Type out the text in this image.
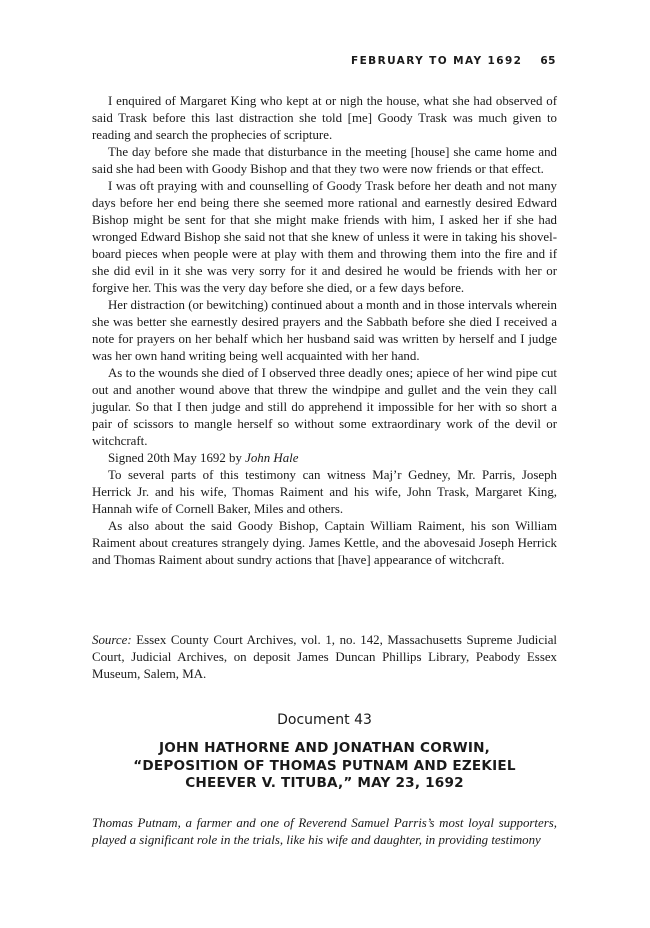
FEBRUARY TO MAY 1692 65

I enquired of Margaret King who kept at or nigh the house, what she had observed of said Trask before this last distraction she told [me] Goody Trask was much given to reading and search the prophecies of scripture.

The day before she made that disturbance in the meeting [house] she came home and said she had been with Goody Bishop and that they two were now friends or that effect.

I was oft praying with and counselling of Goody Trask before her death and not many days before her end being there she seemed more rational and earnestly desired Edward Bishop might be sent for that she might make friends with him, I asked her if she had wronged Edward Bishop she said not that she knew of unless it were in taking his shovel-board pieces when people were at play with them and throwing them into the fire and if she did evil in it she was very sorry for it and desired he would be friends with her or forgive her. This was the very day before she died, or a few days before.

Her distraction (or bewitching) continued about a month and in those intervals wherein she was better she earnestly desired prayers and the Sabbath before she died I received a note for prayers on her behalf which her husband said was written by herself and I judge was her own hand writing being well acquainted with her hand.

As to the wounds she died of I observed three deadly ones; apiece of her wind pipe cut out and another wound above that threw the windpipe and gullet and the vein they call jugular. So that I then judge and still do apprehend it impossible for her with so short a pair of scissors to mangle herself so without some extraordinary work of the devil or witchcraft.

Signed 20th May 1692 by John Hale

To several parts of this testimony can witness Maj’r Gedney, Mr. Parris, Joseph Herrick Jr. and his wife, Thomas Raiment and his wife, John Trask, Margaret King, Hannah wife of Cornell Baker, Miles and others.

As also about the said Goody Bishop, Captain William Raiment, his son William Raiment about creatures strangely dying. James Kettle, and the abovesaid Joseph Herrick and Thomas Raiment about sundry actions that [have] appearance of witchcraft.

Source: Essex County Court Archives, vol. 1, no. 142, Massachusetts Supreme Judicial Court, Judicial Archives, on deposit James Duncan Phillips Library, Peabody Essex Museum, Salem, MA.
Document 43
JOHN HATHORNE AND JONATHAN CORWIN,
“DEPOSITION OF THOMAS PUTNAM AND EZEKIEL
CHEEVER V. TITUBA,” MAY 23, 1692
Thomas Putnam, a farmer and one of Reverend Samuel Parris’s most loyal supporters, played a significant role in the trials, like his wife and daughter, in providing testimony
